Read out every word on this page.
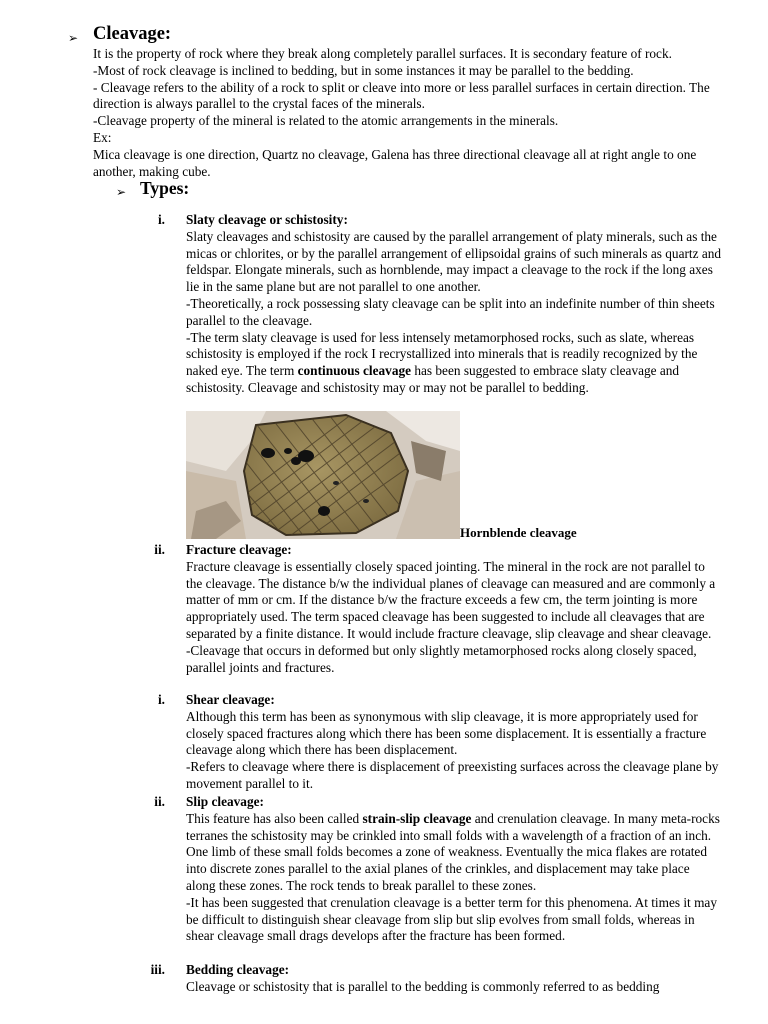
➢ Cleavage:

It is the property of rock where they break along completely parallel surfaces. It is secondary feature of rock.

-Most of rock cleavage is inclined to bedding, but in some instances it may be parallel to the bedding.

- Cleavage refers to the ability of a rock to split or cleave into more or less parallel surfaces in certain direction. The direction is always parallel to the crystal faces of the minerals.

-Cleavage property of the mineral is related to the atomic arrangements in the minerals.

Ex:

Mica cleavage is one direction, Quartz no cleavage, Galena has three directional cleavage all at right angle to one another, making cube.

➢ Types:
i. Slaty cleavage or schistosity:

Slaty cleavages and schistosity are caused by the parallel arrangement of platy minerals, such as the micas or chlorites, or by the parallel arrangement of ellipsoidal grains of such minerals as quartz and feldspar. Elongate minerals, such as hornblende, may impact a cleavage to the rock if the long axes lie in the same plane but are not parallel to one another.

-Theoretically, a rock possessing slaty cleavage can be split into an indefinite number of thin sheets parallel to the cleavage.

-The term slaty cleavage is used for less intensely metamorphosed rocks, such as slate, whereas schistosity is employed if the rock I recrystallized into minerals that is readily recognized by the naked eye. The term continuous cleavage has been suggested to embrace slaty cleavage and schistosity. Cleavage and schistosity may or may not be parallel to bedding.

Hornblende cleavage
ii. Fracture cleavage:

Fracture cleavage is essentially closely spaced jointing. The mineral in the rock are not parallel to the cleavage. The distance b/w the individual planes of cleavage can measured and are commonly a matter of mm or cm. If the distance b/w the fracture exceeds a few cm, the term jointing is more appropriately used. The term spaced cleavage has been suggested to include all cleavages that are separated by a finite distance. It would include fracture cleavage, slip cleavage and shear cleavage.

-Cleavage that occurs in deformed but only slightly metamorphosed rocks along closely spaced, parallel joints and fractures.

i. Shear cleavage:

Although this term has been as synonymous with slip cleavage, it is more appropriately used for closely spaced fractures along which there has been some displacement. It is essentially a fracture cleavage along which there has been displacement.

-Refers to cleavage where there is displacement of preexisting surfaces across the cleavage plane by movement parallel to it.

ii. Slip cleavage:

This feature has also been called strain-slip cleavage and crenulation cleavage. In many meta-rocks terranes the schistosity may be crinkled into small folds with a wavelength of a fraction of an inch. One limb of these small folds becomes a zone of weakness. Eventually the mica flakes are rotated into discrete zones parallel to the axial planes of the crinkles, and displacement may take place along these zones. The rock tends to break parallel to these zones.

-It has been suggested that crenulation cleavage is a better term for this phenomena. At times it may be difficult to distinguish shear cleavage from slip but slip evolves from small folds, whereas in shear cleavage small drags develops after the fracture has been formed.

iii. Bedding cleavage:

Cleavage or schistosity that is parallel to the bedding is commonly referred to as bedding
